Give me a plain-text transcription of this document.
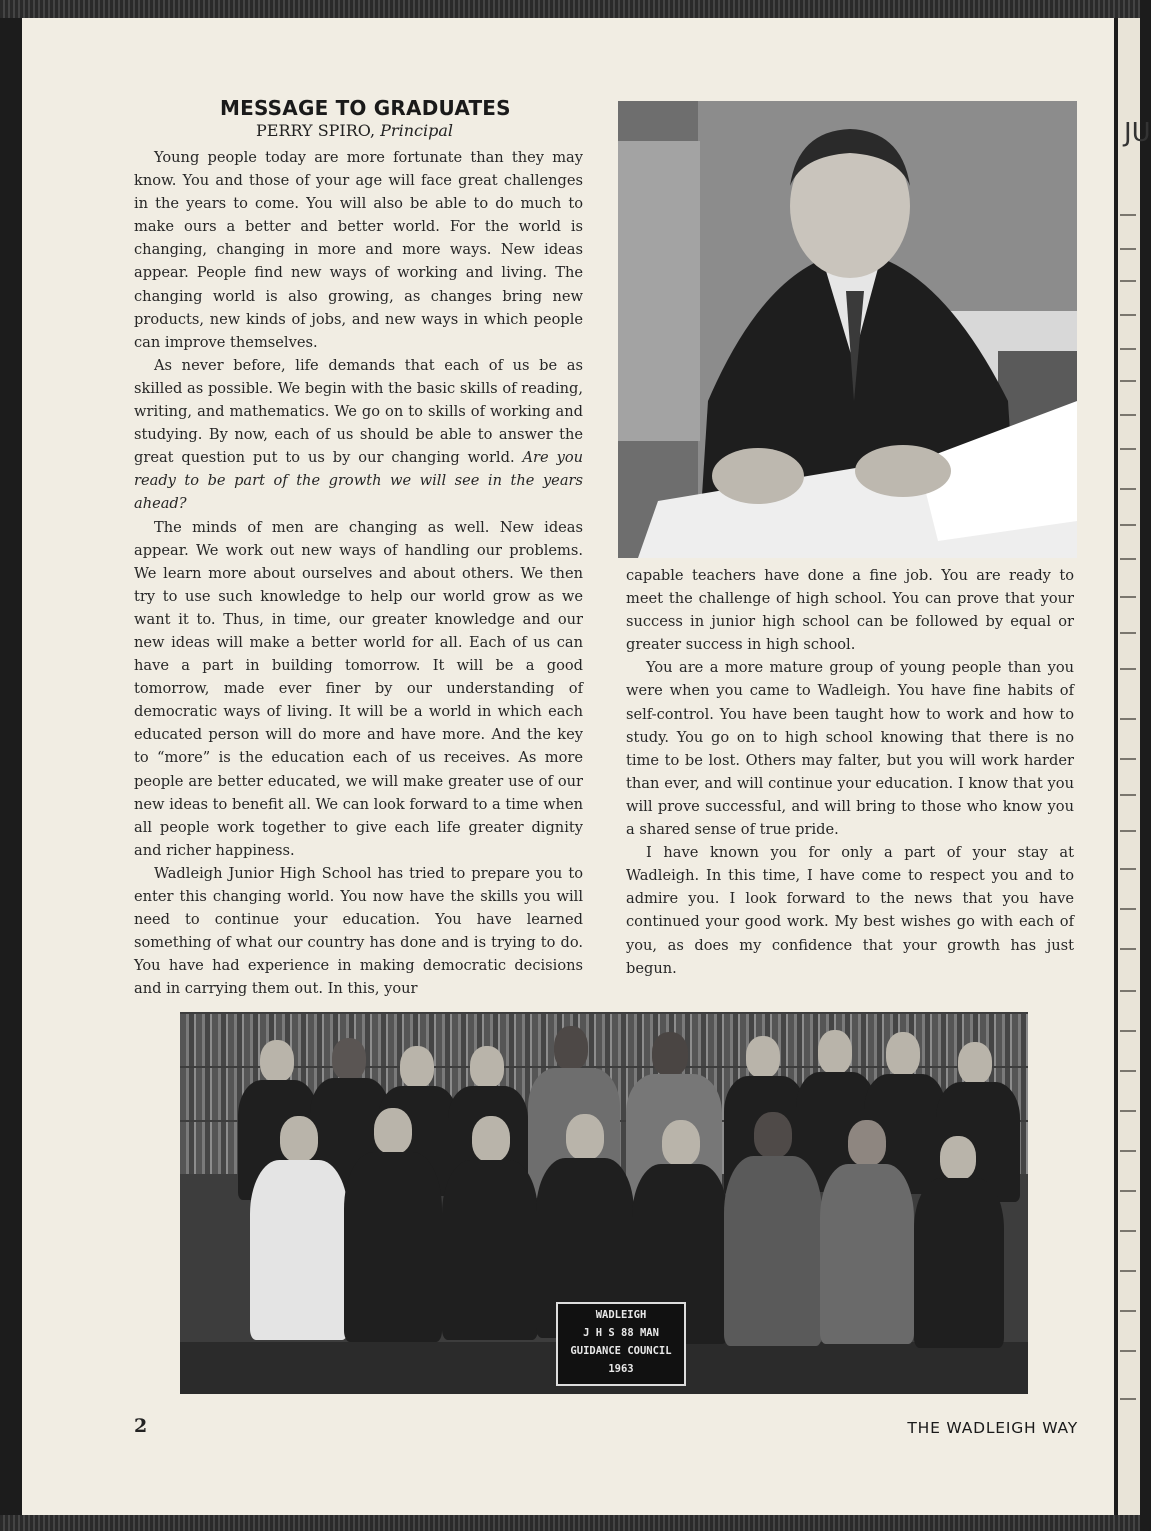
JU
MESSAGE TO GRADUATES

PERRY SPIRO, Principal

Young people today are more fortunate than they may know. You and those of your age will face great challenges in the years to come. You will also be able to do much to make ours a better and better world. For the world is changing, changing in more and more ways. New ideas appear. People find new ways of working and living. The changing world is also growing, as changes bring new products, new kinds of jobs, and new ways in which people can improve themselves.

As never before, life demands that each of us be as skilled as possible. We begin with the basic skills of reading, writing, and mathematics. We go on to skills of working and studying. By now, each of us should be able to answer the great question put to us by our changing world. Are you ready to be part of the growth we will see in the years ahead?

The minds of men are changing as well. New ideas appear. We work out new ways of handling our problems. We learn more about ourselves and about others. We then try to use such knowledge to help our world grow as we want it to. Thus, in time, our greater knowledge and our new ideas will make a better world for all. Each of us can have a part in building tomorrow. It will be a good tomorrow, made ever finer by our understanding of democratic ways of living. It will be a world in which each educated person will do more and have more. And the key to “more” is the education each of us receives. As more people are better educated, we will make greater use of our new ideas to benefit all. We can look forward to a time when all people work together to give each life greater dignity and richer happiness.

Wadleigh Junior High School has tried to prepare you to enter this changing world. You now have the skills you will need to continue your education. You have learned something of what our country has done and is trying to do. You have had experience in making democratic decisions and in carrying them out. In this, your

capable teachers have done a fine job. You are ready to meet the challenge of high school. You can prove that your success in junior high school can be followed by equal or greater success in high school.

You are a more mature group of young people than you were when you came to Wadleigh. You have fine habits of self-control. You have been taught how to work and how to study. You go on to high school knowing that there is no time to be lost. Others may falter, but you will work harder than ever, and will continue your education. I know that you will prove successful, and will bring to those who know you a shared sense of true pride.

I have known you for only a part of your stay at Wadleigh. In this time, I have come to respect you and to admire you. I look forward to the news that you have continued your good work. My best wishes go with each of you, as does my confidence that your growth has just begun.

WADLEIGH
J H S 88 MAN
GUIDANCE COUNCIL
1963

2	THE WADLEIGH WAY
